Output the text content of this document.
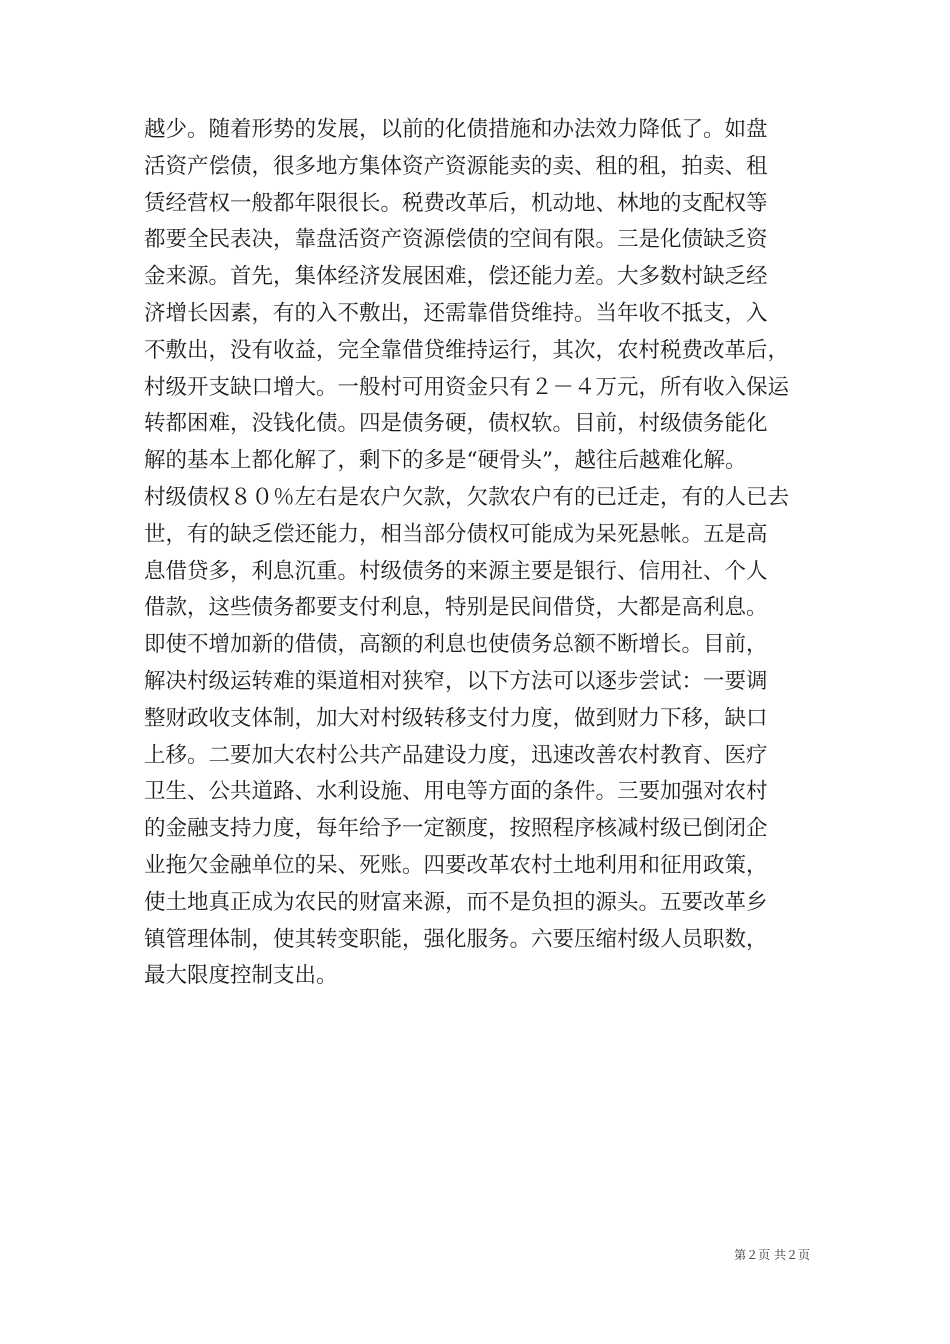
越少。随着形势的发展，以前的化债措施和办法效力降低了。如盘
活资产偿债，很多地方集体资产资源能卖的卖、租的租，拍卖、租
赁经营权一般都年限很长。税费改革后，机动地、林地的支配权等
都要全民表决，靠盘活资产资源偿债的空间有限。三是化债缺乏资
金来源。首先，集体经济发展困难，偿还能力差。大多数村缺乏经
济增长因素，有的入不敷出，还需靠借贷维持。当年收不抵支，入
不敷出，没有收益，完全靠借贷维持运行，其次，农村税费改革后，
村级开支缺口增大。一般村可用资金只有２－４万元，所有收入保运
转都困难，没钱化债。四是债务硬，债权软。目前，村级债务能化
解的基本上都化解了，剩下的多是“硬骨头”，越往后越难化解。
村级债权８０％左右是农户欠款，欠款农户有的已迁走，有的人已去
世，有的缺乏偿还能力，相当部分债权可能成为呆死悬帐。五是高
息借贷多，利息沉重。村级债务的来源主要是银行、信用社、个人
借款，这些债务都要支付利息，特别是民间借贷，大都是高利息。
即使不增加新的借债，高额的利息也使债务总额不断增长。目前，
解决村级运转难的渠道相对狭窄，以下方法可以逐步尝试：一要调
整财政收支体制，加大对村级转移支付力度，做到财力下移，缺口
上移。二要加大农村公共产品建设力度，迅速改善农村教育、医疗
卫生、公共道路、水利设施、用电等方面的条件。三要加强对农村
的金融支持力度，每年给予一定额度，按照程序核减村级已倒闭企
业拖欠金融单位的呆、死账。四要改革农村土地利用和征用政策，
使土地真正成为农民的财富来源，而不是负担的源头。五要改革乡
镇管理体制，使其转变职能，强化服务。六要压缩村级人员职数，
最大限度控制支出。
第２页 共２页
